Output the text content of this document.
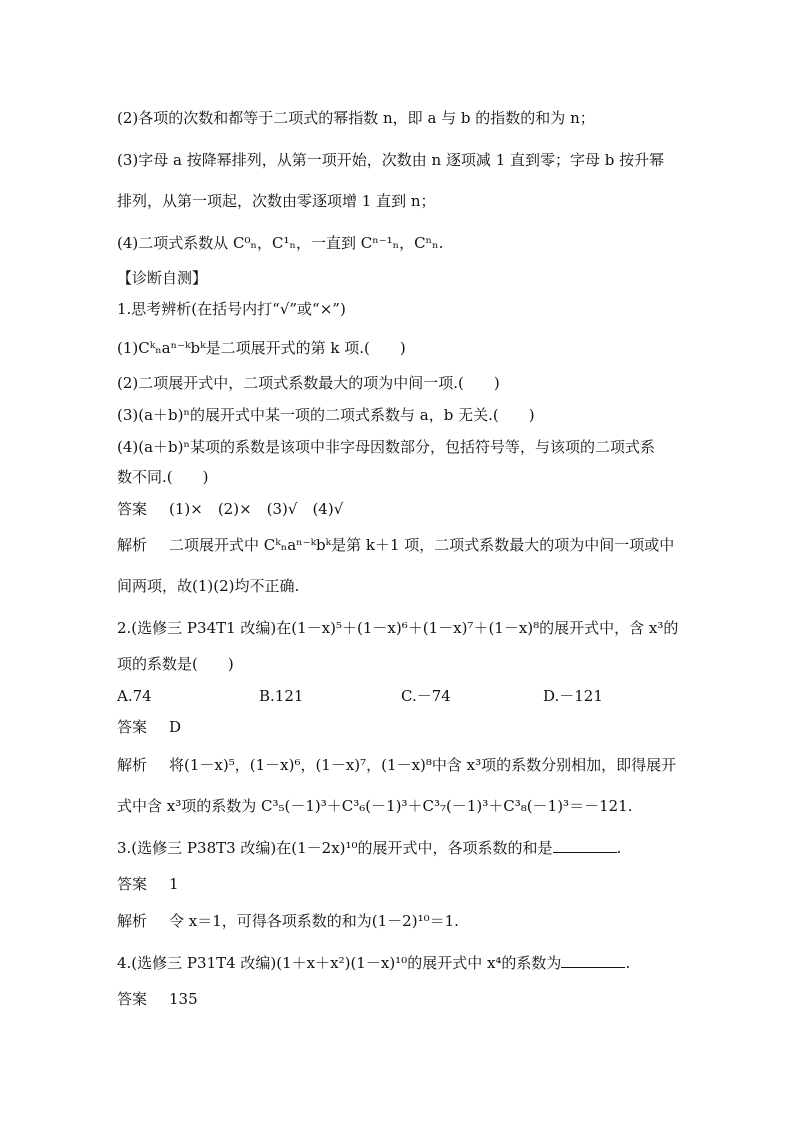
(2)各项的次数和都等于二项式的幂指数 n，即 a 与 b 的指数的和为 n；
(3)字母 a 按降幂排列，从第一项开始，次数由 n 逐项减 1 直到零；字母 b 按升幂
排列，从第一项起，次数由零逐项增 1 直到 n；
(4)二项式系数从 C⁰ₙ，C¹ₙ，一直到 Cⁿ⁻¹ₙ，Cⁿₙ.
【诊断自测】
1.思考辨析(在括号内打“√”或“×”)
(1)Cᵏₙaⁿ⁻ᵏbᵏ是二项展开式的第 k 项.(　　)
(2)二项展开式中，二项式系数最大的项为中间一项.(　　)
(3)(a＋b)ⁿ的展开式中某一项的二项式系数与 a，b 无关.(　　)
(4)(a＋b)ⁿ某项的系数是该项中非字母因数部分，包括符号等，与该项的二项式系
数不同.(　　)
答案 (1)×　(2)×　(3)√　(4)√
解析 二项展开式中 Cᵏₙaⁿ⁻ᵏbᵏ是第 k＋1 项，二项式系数最大的项为中间一项或中
间两项，故(1)(2)均不正确.
2.(选修三 P34T1 改编)在(1－x)⁵＋(1－x)⁶＋(1－x)⁷＋(1－x)⁸的展开式中，含 x³的
项的系数是(　　)
A.74	B.121	C.－74	D.－121
答案 D
解析 将(1－x)⁵，(1－x)⁶，(1－x)⁷，(1－x)⁸中含 x³项的系数分别相加，即得展开
式中含 x³项的系数为 C³₅(－1)³＋C³₆(－1)³＋C³₇(－1)³＋C³₈(－1)³＝－121.
3.(选修三 P38T3 改编)在(1－2x)¹⁰的展开式中，各项系数的和是	.
答案 1
解析 令 x＝1，可得各项系数的和为(1－2)¹⁰＝1.
4.(选修三 P31T4 改编)(1＋x＋x²)(1－x)¹⁰的展开式中 x⁴的系数为	.
答案 135
